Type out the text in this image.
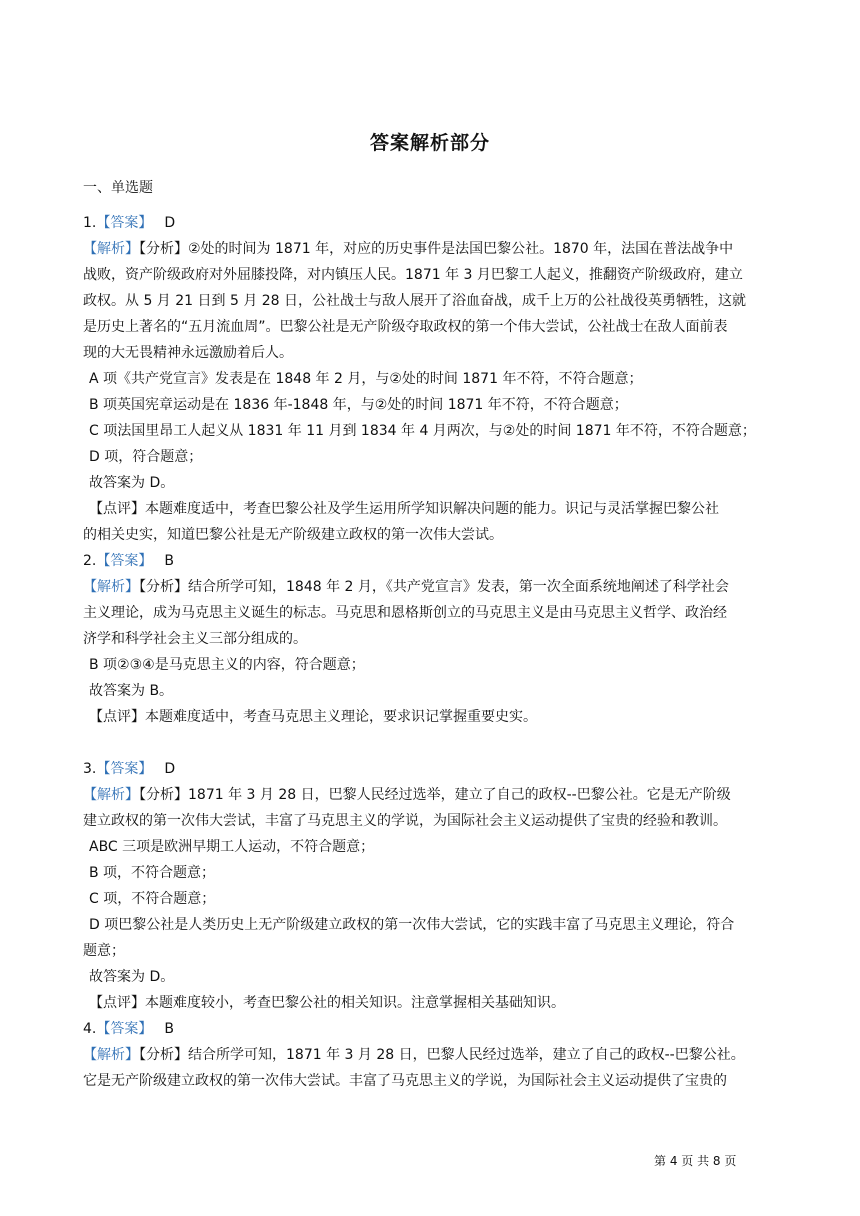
答案解析部分
一、单选题
1.【答案】 D
【解析】【分析】②处的时间为 1871 年，对应的历史事件是法国巴黎公社。1870 年，法国在普法战争中
战败，资产阶级政府对外屈膝投降，对内镇压人民。1871 年 3 月巴黎工人起义，推翻资产阶级政府，建立
政权。从 5 月 21 日到 5 月 28 日，公社战士与敌人展开了浴血奋战，成千上万的公社战役英勇牺牲，这就
是历史上著名的“五月流血周”。巴黎公社是无产阶级夺取政权的第一个伟大尝试，公社战士在敌人面前表
现的大无畏精神永远激励着后人。
A 项《共产党宣言》发表是在 1848 年 2 月，与②处的时间 1871 年不符，不符合题意；
B 项英国宪章运动是在 1836 年-1848 年，与②处的时间 1871 年不符，不符合题意；
C 项法国里昂工人起义从 1831 年 11 月到 1834 年 4 月两次，与②处的时间 1871 年不符，不符合题意；
D 项，符合题意；
故答案为 D。
【点评】本题难度适中，考查巴黎公社及学生运用所学知识解决问题的能力。识记与灵活掌握巴黎公社
的相关史实，知道巴黎公社是无产阶级建立政权的第一次伟大尝试。
2.【答案】 B
【解析】【分析】结合所学可知，1848 年 2 月，《共产党宣言》发表，第一次全面系统地阐述了科学社会
主义理论，成为马克思主义诞生的标志。马克思和恩格斯创立的马克思主义是由马克思主义哲学、政治经
济学和科学社会主义三部分组成的。
B 项②③④是马克思主义的内容，符合题意；
故答案为 B。
【点评】本题难度适中，考查马克思主义理论，要求识记掌握重要史实。
3.【答案】 D
【解析】【分析】1871 年 3 月 28 日，巴黎人民经过选举，建立了自己的政权--巴黎公社。它是无产阶级
建立政权的第一次伟大尝试，丰富了马克思主义的学说，为国际社会主义运动提供了宝贵的经验和教训。
ABC 三项是欧洲早期工人运动，不符合题意；
B 项，不符合题意；
C 项，不符合题意；
D 项巴黎公社是人类历史上无产阶级建立政权的第一次伟大尝试，它的实践丰富了马克思主义理论，符合
题意；
故答案为 D。
【点评】本题难度较小，考查巴黎公社的相关知识。注意掌握相关基础知识。
4.【答案】 B
【解析】【分析】结合所学可知，1871 年 3 月 28 日，巴黎人民经过选举，建立了自己的政权--巴黎公社。
它是无产阶级建立政权的第一次伟大尝试。丰富了马克思主义的学说，为国际社会主义运动提供了宝贵的
第 4 页 共 8 页
